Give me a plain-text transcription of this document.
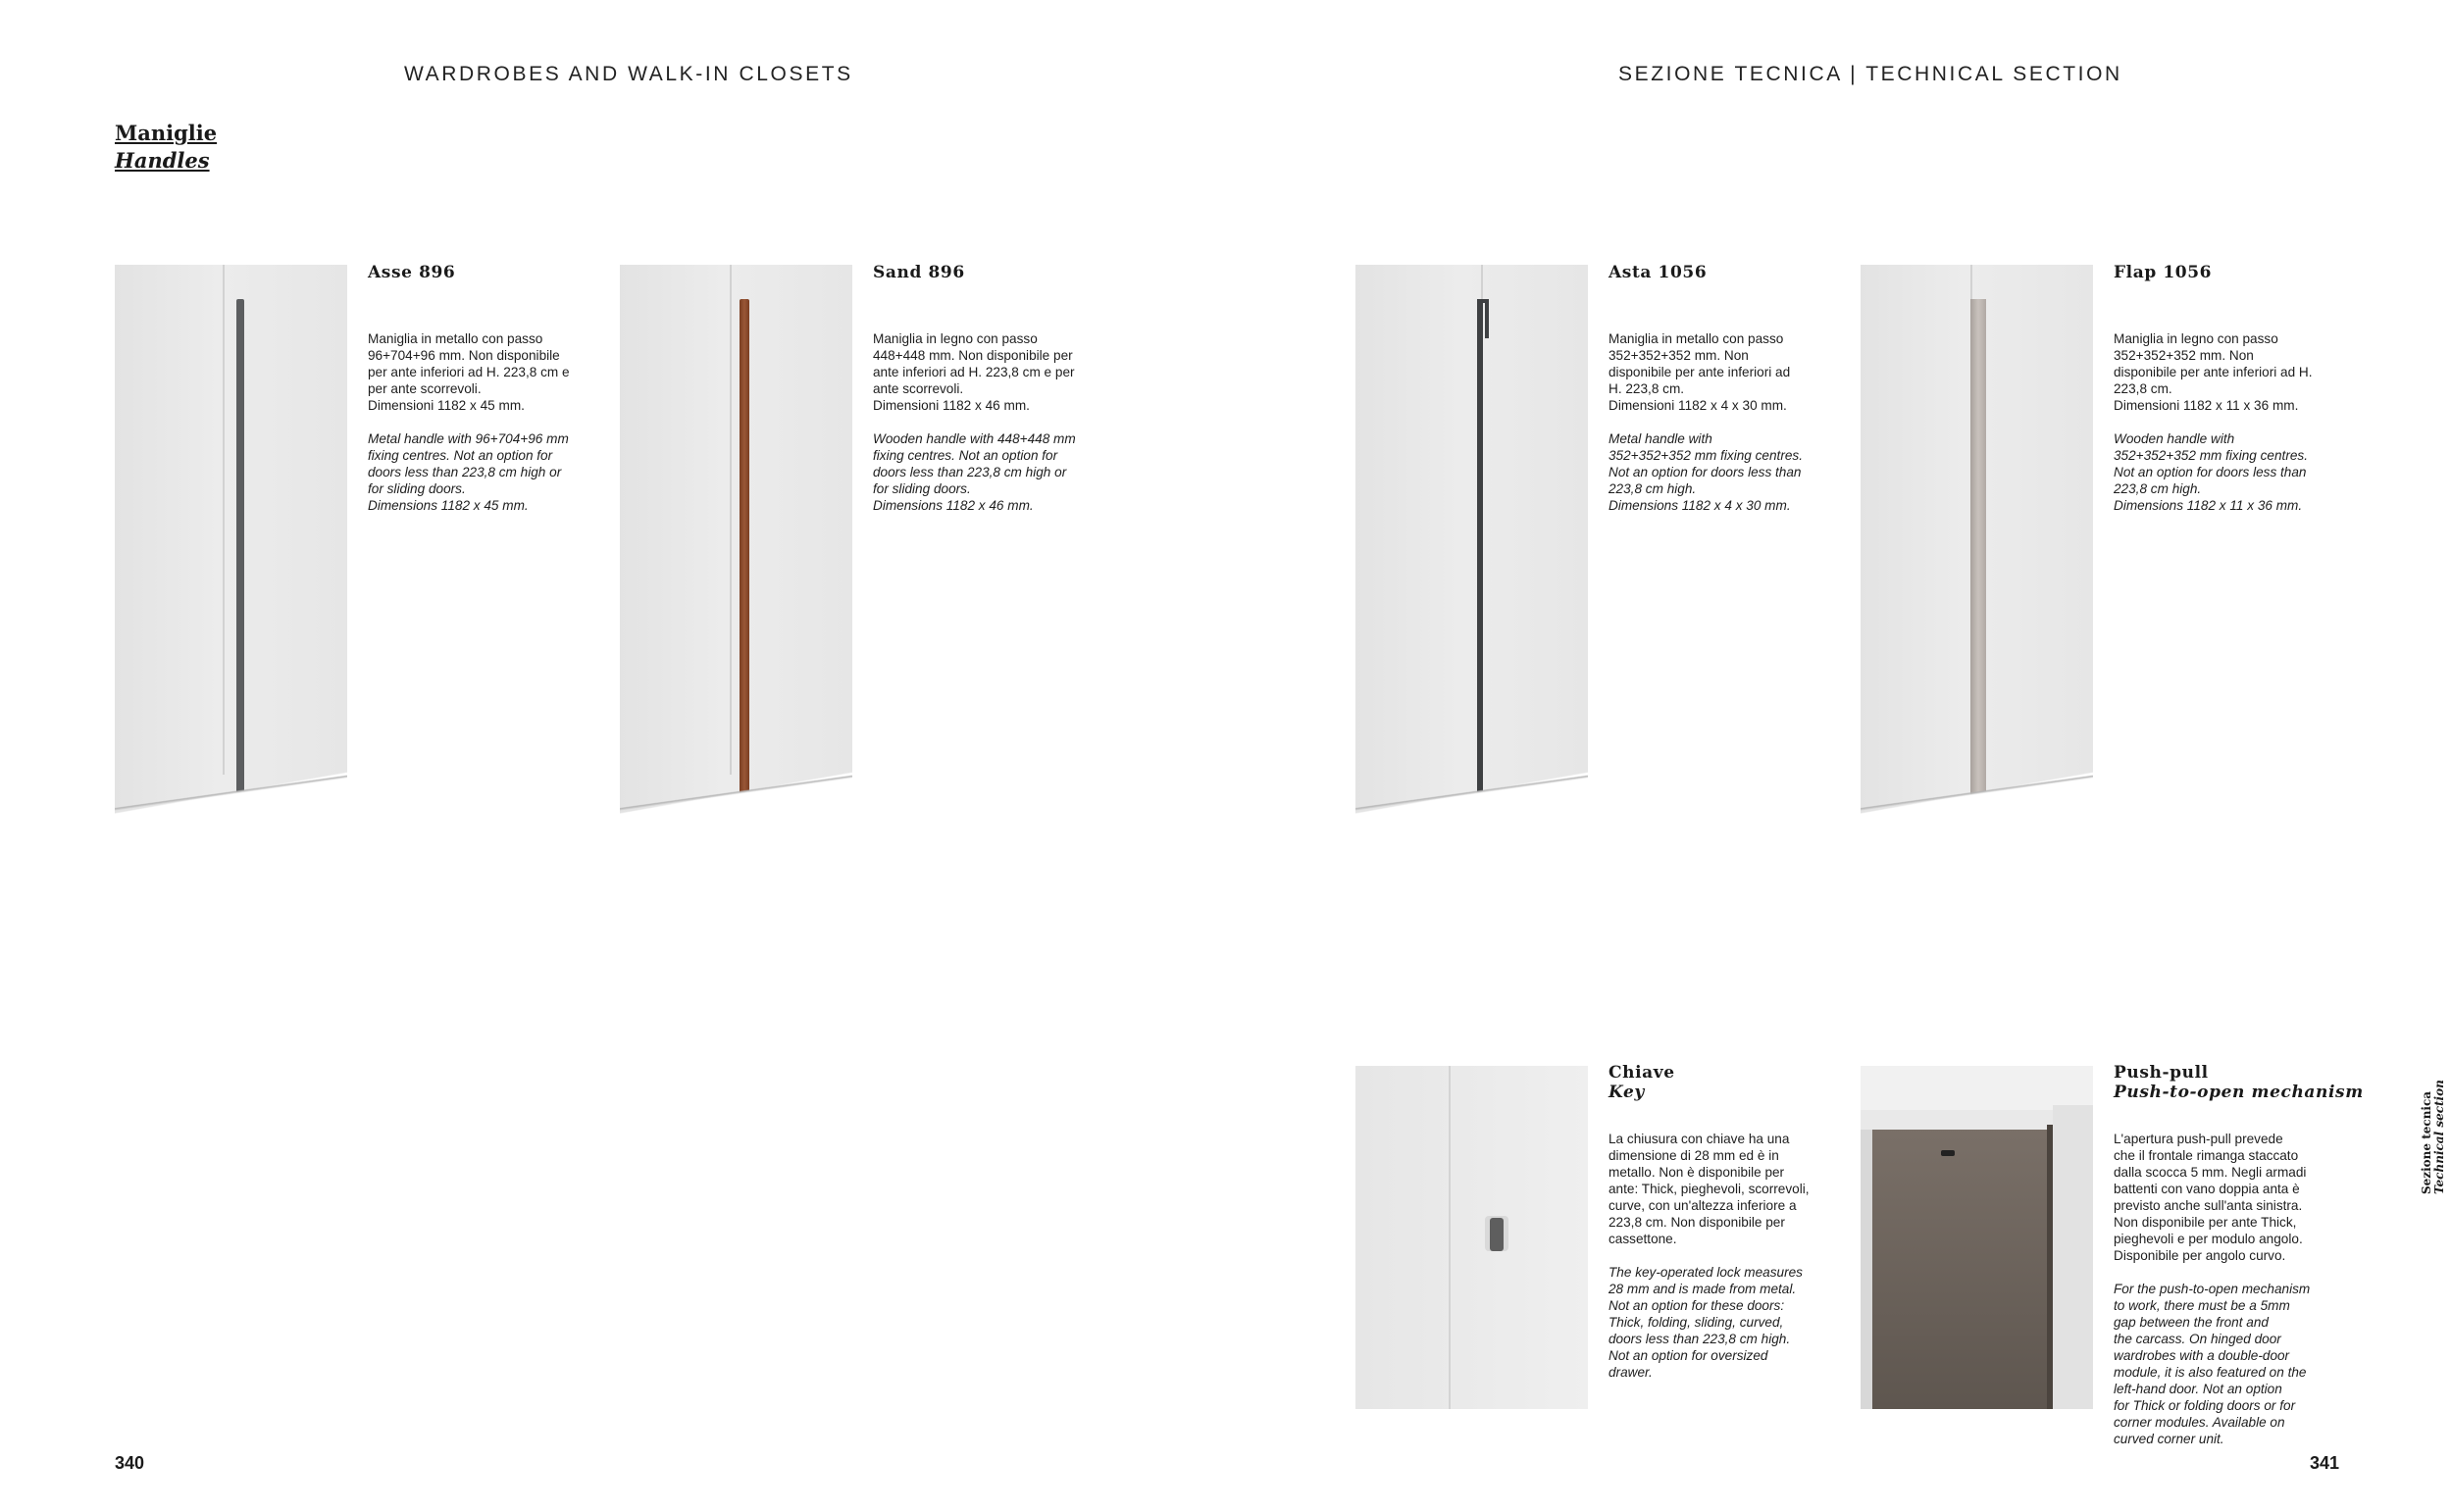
WARDROBES AND WALK-IN CLOSETS	SEZIONE TECNICA | TECHNICAL SECTION
Maniglie
Handles
Asse 896

Maniglia in metallo con passo
96+704+96 mm. Non disponibile
per ante inferiori ad H. 223,8 cm e
per ante scorrevoli.
Dimensioni 1182 x 45 mm.

Metal handle with 96+704+96 mm
fixing centres. Not an option for
doors less than 223,8 cm high or
for sliding doors.
Dimensions 1182 x 45 mm.

Sand 896

Maniglia in legno con passo
448+448 mm. Non disponibile per
ante inferiori ad H. 223,8 cm e per
ante scorrevoli.
Dimensioni 1182 x 46 mm.

Wooden handle with 448+448 mm
fixing centres. Not an option for
doors less than 223,8 cm high or
for sliding doors.
Dimensions 1182 x 46 mm.

Asta 1056

Maniglia in metallo con passo
352+352+352 mm. Non
disponibile per ante inferiori ad
H. 223,8 cm.
Dimensioni 1182 x 4 x 30 mm.

Metal handle with
352+352+352 mm fixing centres.
Not an option for doors less than
223,8 cm high.
Dimensions 1182 x 4 x 30 mm.

Flap 1056

Maniglia in legno con passo
352+352+352 mm. Non
disponibile per ante inferiori ad H.
223,8 cm.
Dimensioni 1182 x 11 x 36 mm.

Wooden handle with
352+352+352 mm fixing centres.
Not an option for doors less than
223,8 cm high.
Dimensions 1182 x 11 x 36 mm.

Chiave
Key

La chiusura con chiave ha una
dimensione di 28 mm ed è in
metallo. Non è disponibile per
ante: Thick, pieghevoli, scorrevoli,
curve, con un'altezza inferiore a
223,8 cm. Non disponibile per
cassettone.

The key-operated lock measures
28 mm and is made from metal.
Not an option for these doors:
Thick, folding, sliding, curved,
doors less than 223,8 cm high.
Not an option for oversized
drawer.

Push-pull
Push-to-open mechanism

L'apertura push-pull prevede
che il frontale rimanga staccato
dalla scocca 5 mm. Negli armadi
battenti con vano doppia anta è
previsto anche sull'anta sinistra.
Non disponibile per ante Thick,
pieghevoli e per modulo angolo.
Disponibile per angolo curvo.

For the push-to-open mechanism
to work, there must be a 5mm
gap between the front and
the carcass. On hinged door
wardrobes with a double-door
module, it is also featured on the
left-hand door. Not an option
for Thick or folding doors or for
corner modules. Available on
curved corner unit.

Sezione tecnica Technical section
340	341
